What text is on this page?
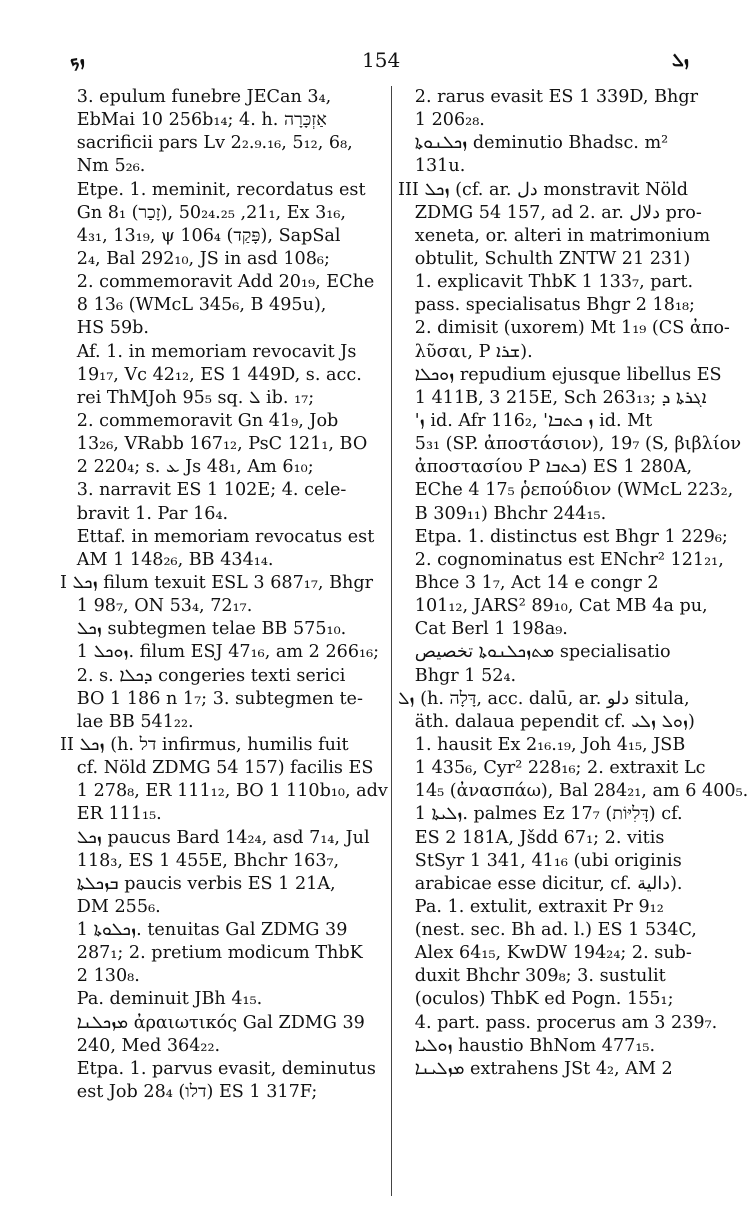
ܙܟ	154	ܙܠ
3. epulum funebre JECan 3₄,
EbMai 10 256b₁₄; 4. h. אַזְכָּרָה
sacrificii pars Lv 2₂.₉.₁₆, 5₁₂, 6₈,
Nm 5₂₆.
Etpe. 1. meminit, recordatus est
Gn 8₁ (זָכַר), 21₁, 50₂₄.₂₅, Ex 3₁₆,
4₃₁, 13₁₉, ψ 106₄ (פָּקַד), SapSal
2₄, Bal 292₁₀, JS in asd 108₆;
2. commemoravit Add 20₁₉, EChe
8 13₆ (WMcL 345₆, B 495u),
HS 59b.
Af. 1. in memoriam revocavit Js
19₁₇, Vc 42₁₂, ES 1 449D, s. acc.
rei ThMJoh 95₅ sq. ܠ ib. ₁₇;
2. commemoravit Gn 41₉, Job
13₂₆, VRabb 167₁₂, PsC 121₁, BO
2 220₄; s. ܥ Js 48₁, Am 6₁₀;
3. narravit ES 1 102E; 4. cele-
bravit 1. Par 16₄.
Ettaf. in memoriam revocatus est
AM 1 148₂₆, BB 434₁₄.
I ܙܟܠ filum texuit ESL 3 687₁₇, Bhgr
1 98₇, ON 53₄, 72₁₇.
ܙܟܠ subtegmen telae BB 575₁₀.
ܙܘܟܠ 1. filum ESJ 47₁₆, am 2 266₁₆;
2. s. ܕܟܠܐ congeries texti serici
BO 1 186 n 1₇; 3. subtegmen te-
lae BB 541₂₂.
II ܙܟܠ (h. דל infirmus, humilis fuit
cf. Nöld ZDMG 54 157) facilis ES
1 278₈, ER 111₁₂, BO 1 110b₁₀, adv
ER 111₁₅.
ܙܟܠ paucus Bard 14₂₄, asd 7₁₄, Jul
118₃, ES 1 455E, Bhchr 163₇,
ܒܙܟܠܬܐ paucis verbis ES 1 21A,
DM 255₆.
ܙܟܠܘܬܐ 1. tenuitas Gal ZDMG 39
287₁; 2. pretium modicum ThbK
2 130₈.
Pa. deminuit JBh 4₁₅.
ܡܙܟܠܢܐ ἀραιωτικός Gal ZDMG 39
240, Med 364₂₂.
Etpa. 1. parvus evasit, deminutus
est Job 28₄ (דלו) ES 1 317F;
2. rarus evasit ES 1 339D, Bhgr
1 206₂₈.
ܙܟܠܢܘܬܐ deminutio Bhadsc. m²
131u.
III ܙܟܠ (cf. ar. دل monstravit Nöld
ZDMG 54 157, ad 2. ar. دلال pro-
xeneta, or. alteri in matrimonium
obtulit, Schulth ZNTW 21 231)
1. explicavit ThbK 1 133₇, part.
pass. specialisatus Bhgr 2 18₁₈;
2. dimisit (uxorem) Mt 1₁₉ (CS ἀπο-
λῦσαι, P ܫܪܐ).
ܙܘܟܠܐ repudium ejusque libellus ES
1 411B, 3 215E, Sch 263₁₃; ܐܓܪܬܐ ܕ
'ܙ id. Afr 116₂, 'ܙ ܟܬܒܐ id. Mt
5₃₁ (SP. ἀποστάσιον), 19₇ (S, βιβλίον
ἀποστασίου P ܟܬܒܐ) ES 1 280A,
EChe 4 17₅ ῥεπούδιον (WMcL 223₂,
B 309₁₁) Bhchr 244₁₅.
Etpa. 1. distinctus est Bhgr 1 229₆;
2. cognominatus est ENchr² 121₂₁,
Bhce 3 1₇, Act 14 e congr 2
101₁₂, JARS² 89₁₀, Cat MB 4a pu,
Cat Berl 1 198a₉.
ܡܬܙܟܠܢܘܬܐ تخصيص specialisatio
Bhgr 1 52₄.
ܙܠ (h. דָּלָה, acc. dalū, ar. دلو situla,
äth. dalaua pependit cf. ܙܘܠ ܙܠܝ)
1. hausit Ex 2₁₆.₁₉, Joh 4₁₅, JSB
1 435₆, Cyr² 228₁₆; 2. extraxit Lc
14₅ (ἀνασπάω), Bal 284₂₁, am 6 400₅.
ܙܠܝܬܐ 1. palmes Ez 17₇ (דָּלִיּוֹת) cf.
ES 2 181A, Jšdd 67₁; 2. vitis
StSyr 1 341, 41₁₆ (ubi originis
arabicae esse dicitur, cf. دالية).
Pa. 1. extulit, extraxit Pr 9₁₂
(nest. sec. Bh ad. l.) ES 1 534C,
Alex 64₁₅, KwDW 194₂₄; 2. sub-
duxit Bhchr 309₈; 3. sustulit
(oculos) ThbK ed Pogn. 155₁;
4. part. pass. procerus am 3 239₇.
ܙܘܠܝܐ haustio BhNom 477₁₅.
ܡܙܠܝܢܐ extrahens JSt 4₂, AM 2
